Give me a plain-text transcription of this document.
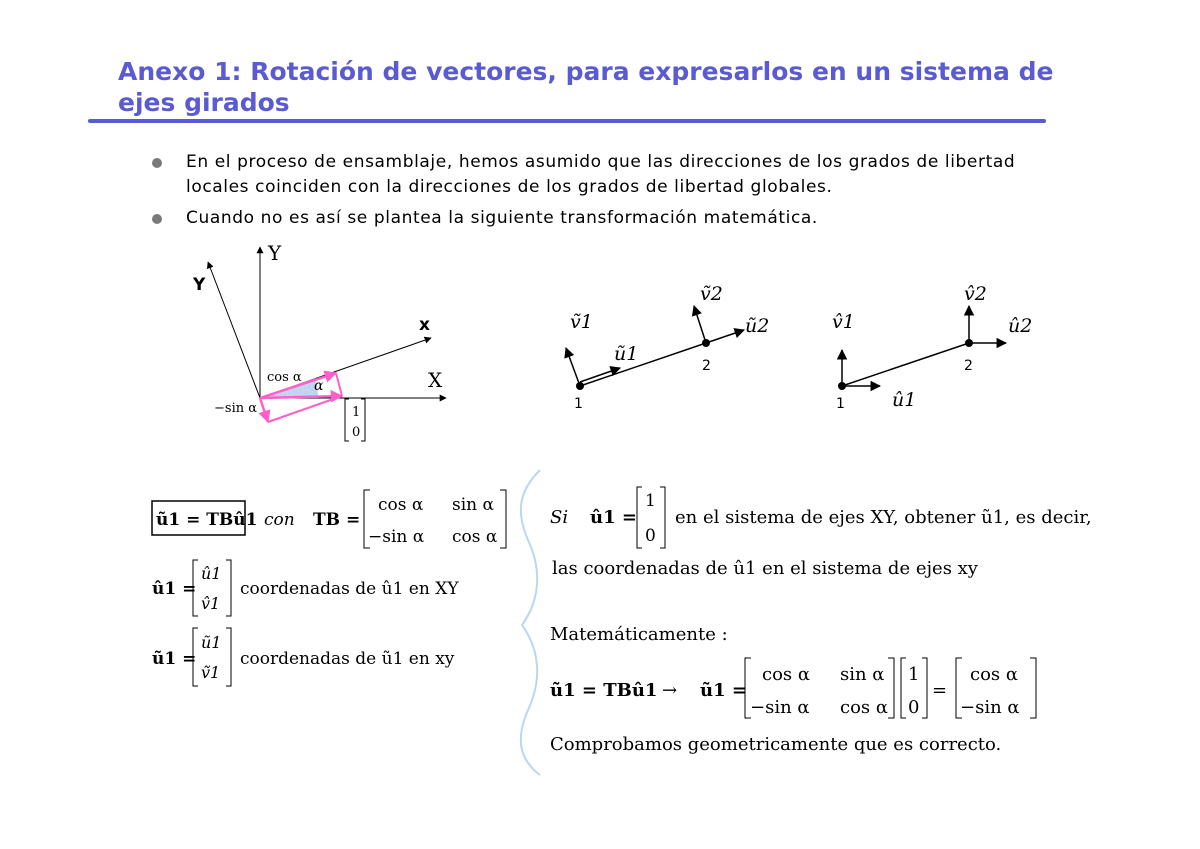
Anexo 1: Rotación de vectores, para expresarlos en un sistema de ejes girados
En el proceso de ensamblaje, hemos asumido que las direcciones de los grados de libertad locales coinciden con la direcciones de los grados de libertad globales.
Cuando no es así se plantea la siguiente transformación matemática.
Y
X
Y
x
cos α
−sin α
α
1
0
1
2
ṽ1
ũ1
ṽ2
ũ2
1
2
v̂1
û1
v̂2
û2
ũ1 = TBû1 con TB =
cos α sin α
−sin α cos α
û1 =
û1
v̂1
coordenadas de û1 en XY
ũ1 =
ũ1
ṽ1
coordenadas de ũ1 en xy
Si û1 =
1
0
en el sistema de ejes XY, obtener ũ1, es decir,
las coordenadas de û1 en el sistema de ejes xy
Matemáticamente :
ũ1 = TBû1 → ũ1 =
cos α sin α
−sin α cos α
1
0
=
cos α
−sin α
Comprobamos geometricamente que es correcto.
